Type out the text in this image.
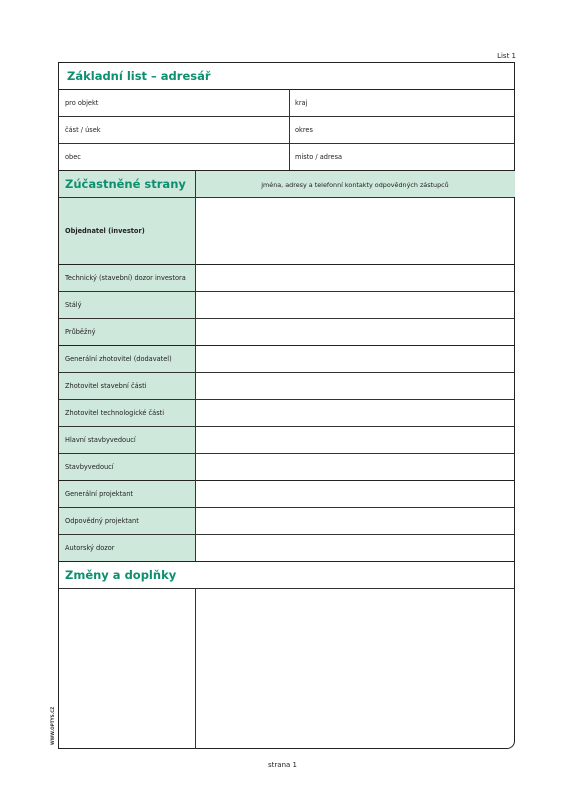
List 1
Základní list – adresář
pro objekt	kraj
část / úsek	okres
obec	místo / adresa
Zúčastněné strany	jména, adresy a telefonní kontakty odpovědných zástupců
Objednatel (investor)
Technický (stavební) dozor investora
Stálý
Průběžný
Generální zhotovitel (dodavatel)
Zhotovitel stavební části
Zhotovitel technologické části
Hlavní stavbyvedoucí
Stavbyvedoucí
Generální projektant
Odpovědný projektant
Autorský dozor
Změny a doplňky
WWW.OPTYS.CZ
strana 1
